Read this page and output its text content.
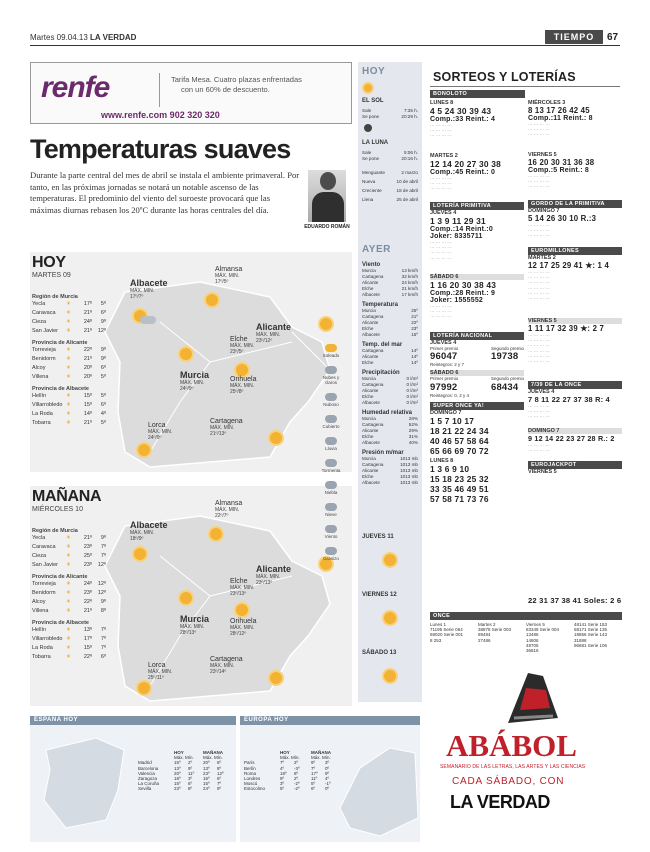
Martes 09.04.13 LA VERDAD	TIEMPO	67
renfe	Tarifa Mesa. Cuatro plazas enfrentadas
con un 60% de descuento.
www.renfe.com 902 320 320
Temperaturas suaves
Durante la parte central del mes de abril se instala el ambiente primaveral. Por tanto, en las próximas jornadas se notará un notable ascenso de las temperaturas. El predominio del viento del suroeste provocará que las máximas diurnas rebasen los 20ºC durante las horas centrales del día.
EDUARDO ROMÁN
HOY
MARTES 09
Albacete
MÁX. MIN.
17º/7º
Almansa
MÁX. MIN.
17º/5º
Alicante
MÁX. MIN.
23º/12º
Elche
MÁX. MIN.
23º/5º
Murcia
MÁX. MIN.
24º/9º
Orihuela
MÁX. MIN.
25º/8º
Lorca
MÁX. MIN.
24º/9º
Cartagena
MÁX. MIN.
21º/13º
Región de Murcia
Yecla	☀	17º	5º
Caravaca	☀	21º	6º
Cieza	☀	24º	9º
San Javier	☀	21º	12º
Provincia de Alicante
Torrevieja	☀	22º	9º
Benidorm	☀	21º	9º
Alcoy	☀	20º	6º
Villena	☀	20º	5º
Provincia de Albacete
Hellín	☀	15º	5º
Villarrobledo ☀	15º	6º
La Roda	☀	14º	4º
Tobarra	☀	21º	5º
MAÑANA
MIÉRCOLES 10
Albacete
MÁX. MIN.
18º/9º
Almansa
MÁX. MIN.
22º/7º
Alicante
MÁX. MIN.
23º/13º
Elche
MÁX. MIN.
23º/13º
Murcia
MÁX. MIN.
28º/13º
Orihuela
MÁX. MIN.
28º/12º
Lorca
MÁX. MIN.
25º/11º
Cartagena
MÁX. MIN.
23º/14º
Región de Murcia
Yecla	☀	21º	9º
Caravaca	☀	23º	7º
Cieza	☀	25º	7º
San Javier	☀	23º	12º
Provincia de Alicante
Torrevieja	☀	24º	12º
Benidorm	☀	23º	12º
Alcoy	☀	22º	9º
Villena	☀	21º	8º
Provincia de Albacete
Hellín	☀	13º	7º
Villarrobledo ☀	17º	7º
La Roda	☀	15º	7º
Tobarra	☀	22º	6º
Soleado
Nubes y claros
Nuboso
Cubierto
Lluvia
Tormenta
Niebla
Nieve
Viento
Granizo
HOY
EL SOL
Sale	7:35 h.
Se pone	20:29 h.
LA LUNA
Sale	5:06 h.
Se pone	20:16 h.
Menguante	2 marzo
Nueva	10 de abril
Creciente	18 de abril
Llena	25 de abril
AYER
Viento
Murcia	13 km/h
Cartagena	32 km/h
Alicante	24 km/h
Elche	21 km/h
Albacete	17 km/h
Temperatura
Murcia	25º
Cartagena	21º
Alicante	22º
Elche	23º
Albacete	15º
Temp. del mar
Cartagena	14º
Alicante	14º
Elche	14º
Precipitación
Murcia	0 l/m²
Cartagena	0 l/m²
Alicante	0 l/m²
Elche	0 l/m²
Albacete	0 l/m²
Humedad relativa
Murcia	28%
Cartagena	52%
Alicante	29%
Elche	31%
Albacete	40%
Presión m/mar
Murcia	1013 mb
Cartagena	1013 mb
Alicante	1013 mb
Elche	1013 mb
Albacete	1013 mb
JUEVES 11
VIERNES 12
SÁBADO 13
SORTEOS Y LOTERÍAS
BONOLOTO
LUNES 8
4 5 24 30 39 43
Comp.:33 Reint.: 4
··· ··· ··· ···
··· ··· ··· ···
··· ··· ··· ···
MARTES 2
12 14 20 27 30 38
Comp.:45 Reint.: 0
··· ··· ··· ···
··· ··· ··· ···
··· ··· ··· ···
LOTERÍA PRIMITIVA
JUEVES 4
1 3 9 11 29 31
Comp.:14 Reint.:0
Joker: 8335711
··· ··· ··· ···
··· ··· ··· ···
··· ··· ··· ···
··· ··· ··· ···
SÁBADO 6
1 16 20 30 38 43
Comp.:28 Reint.: 9
Joker: 1555552
··· ··· ··· ···
··· ··· ··· ···
··· ··· ··· ···
LOTERÍA NACIONAL
JUEVES 4
Primer premio
96047
Segundo premio
19738
Reintegros: 2 y 7
SÁBADO 6
Primer premio
97992
Segundo premio
68434
Reintegros: 0, 2 y 4
SUPER ONCE YA!
DOMINGO 7
1 5 7 10 17
18 21 22 24 34
40 46 57 58 64
65 66 69 70 72
LUNES 8
1 3 6 9 10
15 18 23 25 32
33 35 46 49 51
57 58 71 73 76
MIÉRCOLES 3
8 13 17 26 42 45
Comp.:11 Reint.: 8
··· ··· ··· ···
··· ··· ··· ···
··· ··· ··· ···
VIERNES 5
16 20 30 31 36 38
Comp.:5 Reint.: 8
··· ··· ··· ···
··· ··· ··· ···
··· ··· ··· ···
GORDO DE LA PRIMITIVA
DOMINGO 7
5 14 26 30 10 R.:3
··· ··· ··· ···
··· ··· ··· ···
··· ··· ··· ···
EUROMILLONES
MARTES 2
12 17 25 29 41 ★: 1 4
··· ··· ··· ···
··· ··· ··· ···
··· ··· ··· ···
··· ··· ··· ···
··· ··· ··· ···
··· ··· ··· ···
VIERNES 5
1 11 17 32 39 ★: 2 7
··· ··· ··· ···
··· ··· ··· ···
··· ··· ··· ···
··· ··· ··· ···
··· ··· ··· ···
··· ··· ··· ···
7/39 DE LA ONCE
JUEVES 4
7 8 11 22 27 37 38 R: 4
··· ··· ··· ···
··· ··· ··· ···
··· ··· ··· ···
DOMINGO 7
9 12 14 22 23 27 28 R.: 2
··· ··· ··· ···
··· ··· ··· ···
EUROJACKPOT
VIERNES 5
22 31 37 38 41 Soles: 2 6
ONCE
Lunes 1
71195 Serie 064
58020 Serie 001
8 253
Martes 2
38878 Serie 003
89484
27486
Viernes 5
83348 Serie 004
13486
14806
48705
36816
48141 Serie 153
58171 Serie 135
18856 Serie 143
31888
96681 Serie 106
ABÁBOL
SEMANARIO DE LAS LETRAS, LAS ARTES Y LAS CIENCIAS
CADA SÁBADO, CON
LA VERDAD
ESPAÑA HOY
HOY	MAÑANA
Máx. Mín.	Máx. Mín.
Madrid	15º	2º	20º	6º
Barcelona	13º	9º	13º	8º
Valencia	20º	11º	23º	12º
Zaragoza	18º	3º	16º	6º
La Coruña	15º	6º	15º	7º
Sevilla	23º	8º	24º	9º
EUROPA HOY
HOY	MAÑANA
Máx. Mín.	Máx. Mín.
París	7º	2º	9º	3º
Berlín	4º	-3º	7º	0º
Roma	18º	8º	17º	9º
Londres	9º	2º	11º	4º
Moscú	3º	-2º	5º	-1º
Estocolmo	5º	-2º	6º	0º
